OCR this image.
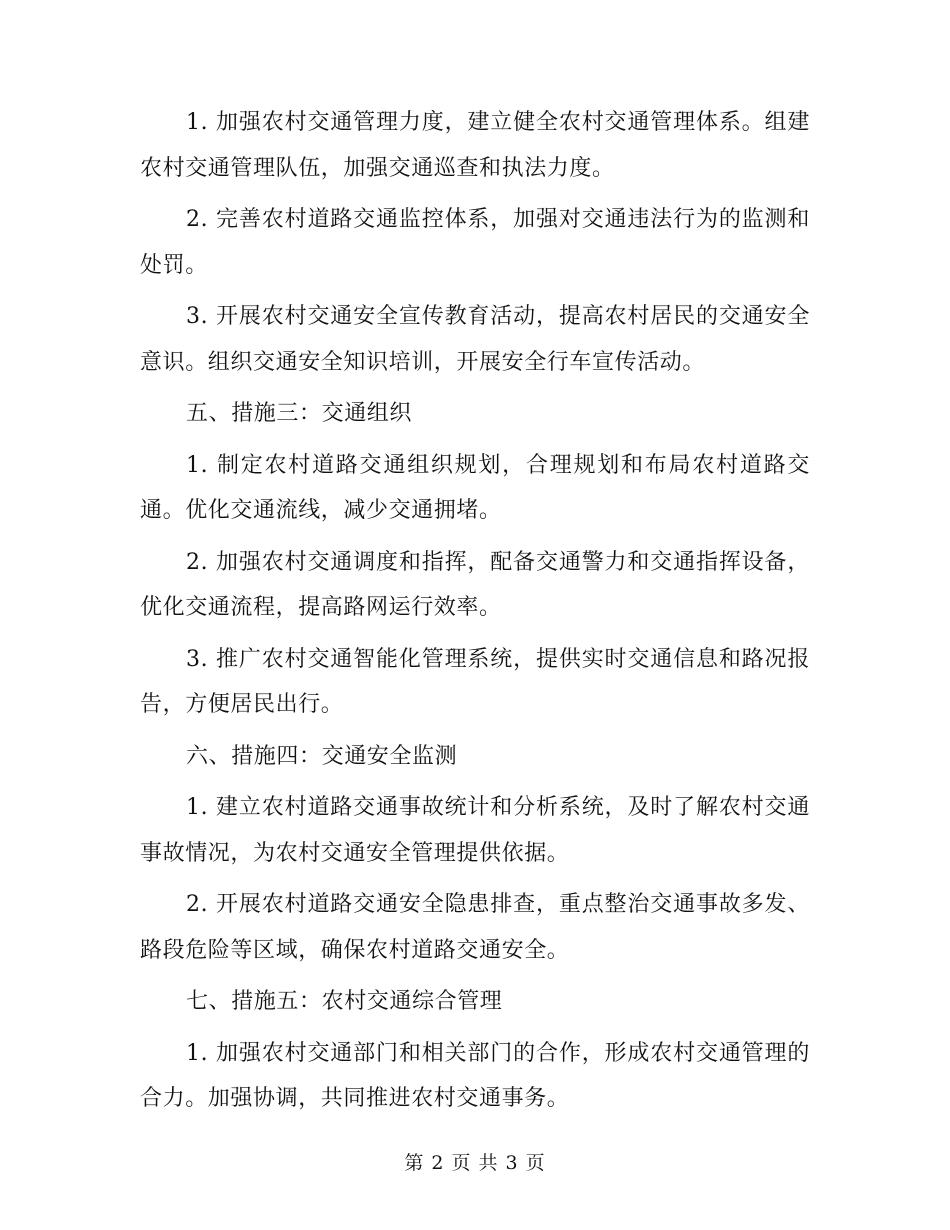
1. 加强农村交通管理力度，建立健全农村交通管理体系。组建农村交通管理队伍，加强交通巡查和执法力度。

2. 完善农村道路交通监控体系，加强对交通违法行为的监测和处罚。

3. 开展农村交通安全宣传教育活动，提高农村居民的交通安全意识。组织交通安全知识培训，开展安全行车宣传活动。

五、措施三：交通组织

1. 制定农村道路交通组织规划，合理规划和布局农村道路交通。优化交通流线，减少交通拥堵。

2. 加强农村交通调度和指挥，配备交通警力和交通指挥设备，优化交通流程，提高路网运行效率。

3. 推广农村交通智能化管理系统，提供实时交通信息和路况报告，方便居民出行。

六、措施四：交通安全监测

1. 建立农村道路交通事故统计和分析系统，及时了解农村交通事故情况，为农村交通安全管理提供依据。

2. 开展农村道路交通安全隐患排查，重点整治交通事故多发、路段危险等区域，确保农村道路交通安全。

七、措施五：农村交通综合管理

1. 加强农村交通部门和相关部门的合作，形成农村交通管理的合力。加强协调，共同推进农村交通事务。

第 2 页 共 3 页
